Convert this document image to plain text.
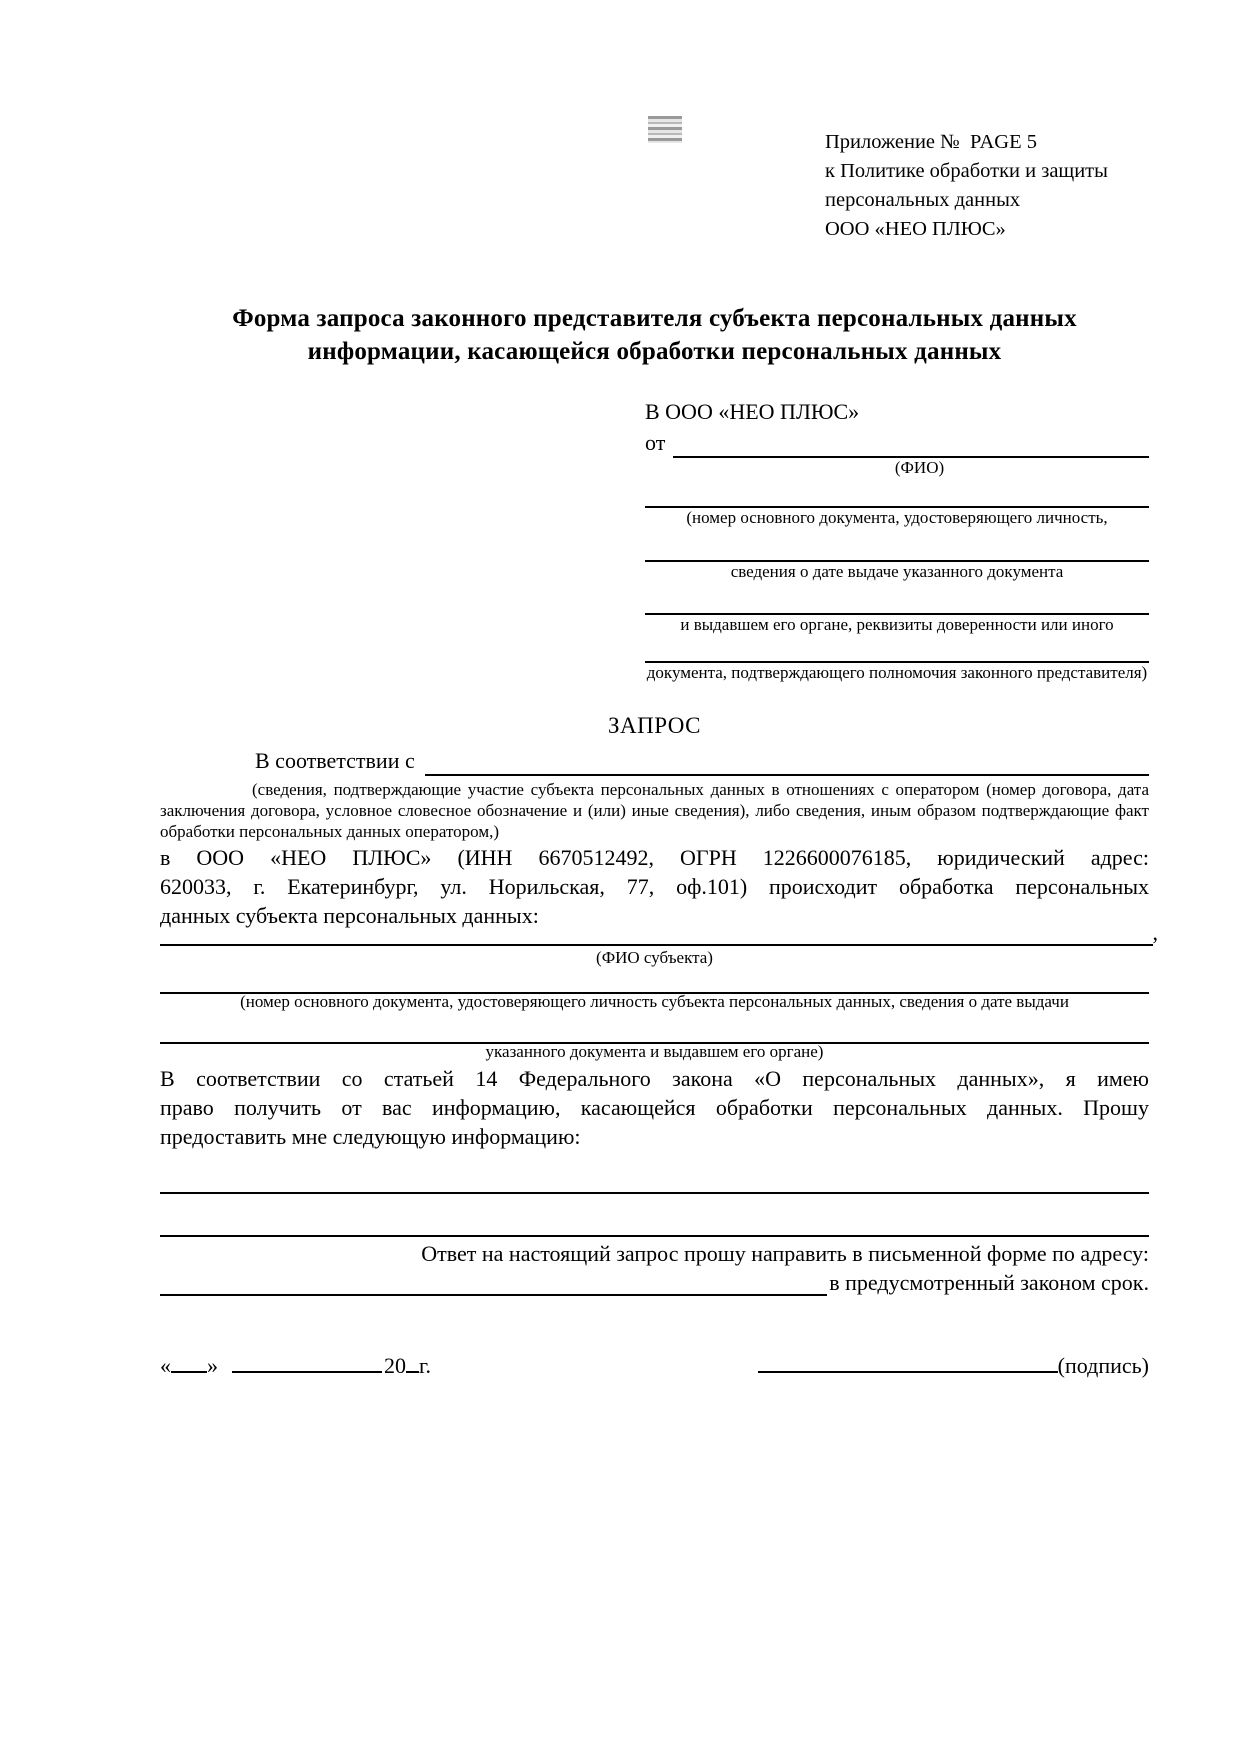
Приложение №  PAGE 5
к Политике обработки и защиты
персональных данных
ООО «НЕО ПЛЮС»
Форма запроса законного представителя субъекта персональных данных
информации, касающейся обработки персональных данных
В ООО «НЕО ПЛЮС»
от
(ФИО)
(номер основного документа, удостоверяющего личность,
сведения о дате выдаче указанного документа
и выдавшем его органе, реквизиты доверенности или иного
документа, подтверждающего полномочия законного представителя)
ЗАПРОС
В соответствии с
(сведения, подтверждающие участие субъекта персональных данных в отношениях с оператором (номер договора, дата
заключения договора, условное словесное обозначение и (или) иные сведения), либо сведения, иным образом подтверждающие факт
обработки персональных данных оператором,)
в ООО «НЕО ПЛЮС» (ИНН 6670512492, ОГРН 1226600076185, юридический адрес:
620033, г. Екатеринбург, ул. Норильская, 77, оф.101) происходит обработка персональных
данных субъекта персональных данных:
,
(ФИО субъекта)
(номер основного документа, удостоверяющего личность субъекта персональных данных, сведения о дате выдачи
указанного документа и выдавшем его органе)
В соответствии со статьей 14 Федерального закона «О персональных данных», я имею
право получить от вас информацию, касающейся обработки персональных данных. Прошу
предоставить мне следующую информацию:
Ответ на настоящий запрос прошу направить в письменной форме по адресу:
в предусмотренный законом срок.
« »	20 г.	(подпись)
